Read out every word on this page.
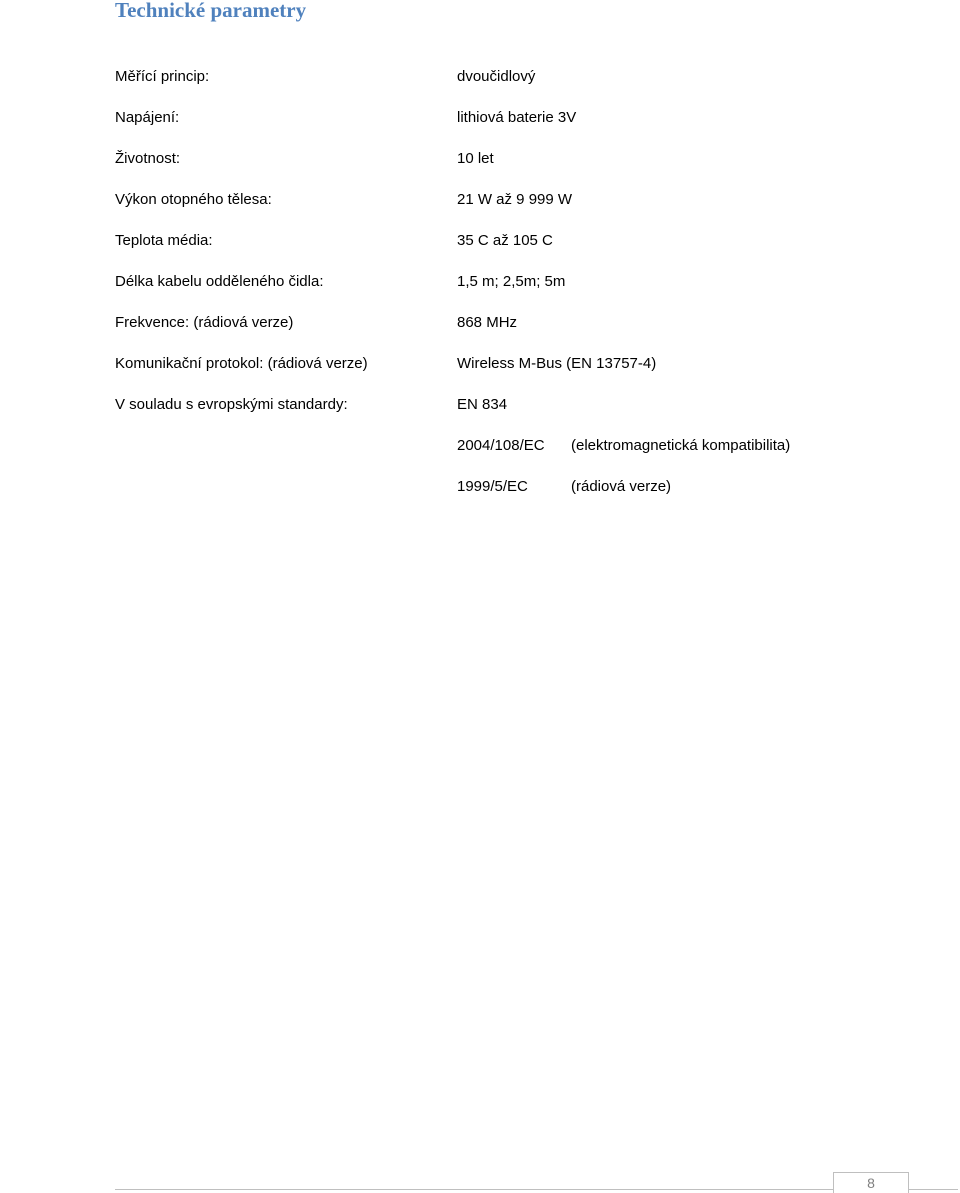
Technické parametry
Měřící princip:	dvoučidlový
Napájení:	lithiová baterie 3V
Životnost:	10 let
Výkon otopného tělesa:	21 W až 9 999 W
Teplota média:	35 C až 105 C
Délka kabelu odděleného čidla:	1,5 m; 2,5m; 5m
Frekvence: (rádiová verze)	868 MHz
Komunikační protokol: (rádiová verze)	Wireless M-Bus (EN 13757-4)
V souladu s evropskými standardy:	EN 834
2004/108/EC (elektromagnetická kompatibilita)
1999/5/EC	(rádiová verze)
8
